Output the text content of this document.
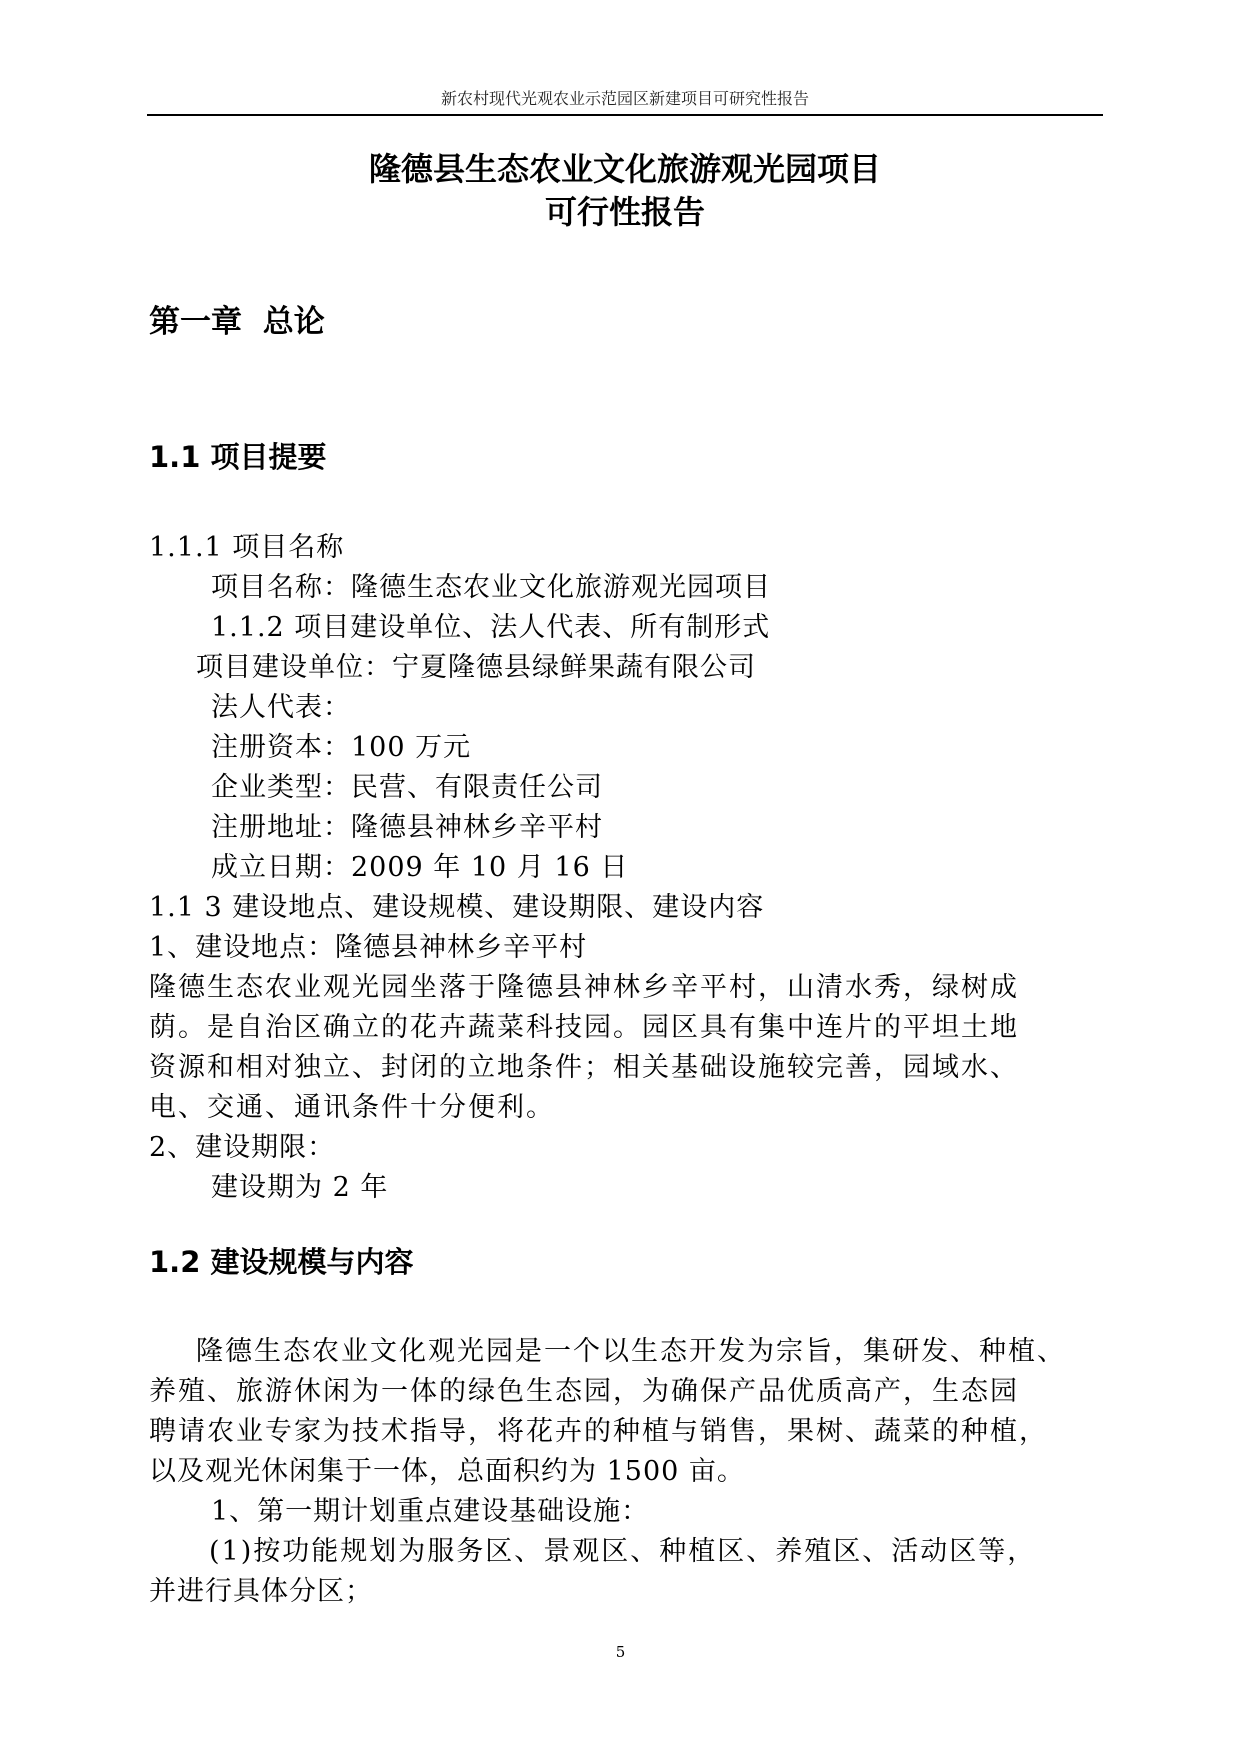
新农村现代光观农业示范园区新建项目可研究性报告
隆德县生态农业文化旅游观光园项目
可行性报告
第一章 总论
1.1 项目提要
1.1.1 项目名称
项目名称：隆德生态农业文化旅游观光园项目
1.1.2 项目建设单位、法人代表、所有制形式
项目建设单位：宁夏隆德县绿鲜果蔬有限公司
法人代表：
注册资本：100 万元
企业类型：民营、有限责任公司
注册地址：隆德县神林乡辛平村
成立日期：2009 年 10 月 16 日
1.1 3 建设地点、建设规模、建设期限、建设内容
1、建设地点：隆德县神林乡辛平村
隆德生态农业观光园坐落于隆德县神林乡辛平村，山清水秀，绿树成
荫。是自治区确立的花卉蔬菜科技园。园区具有集中连片的平坦土地
资源和相对独立、封闭的立地条件；相关基础设施较完善，园域水、
电、交通、通讯条件十分便利。
2、建设期限：
建设期为 2 年
1.2 建设规模与内容
隆德生态农业文化观光园是一个以生态开发为宗旨，集研发、种植、
养殖、旅游休闲为一体的绿色生态园，为确保产品优质高产，生态园
聘请农业专家为技术指导，将花卉的种植与销售，果树、蔬菜的种植，
以及观光休闲集于一体，总面积约为 1500 亩。
1、第一期计划重点建设基础设施：
(1)按功能规划为服务区、景观区、种植区、养殖区、活动区等，
并进行具体分区；
5
